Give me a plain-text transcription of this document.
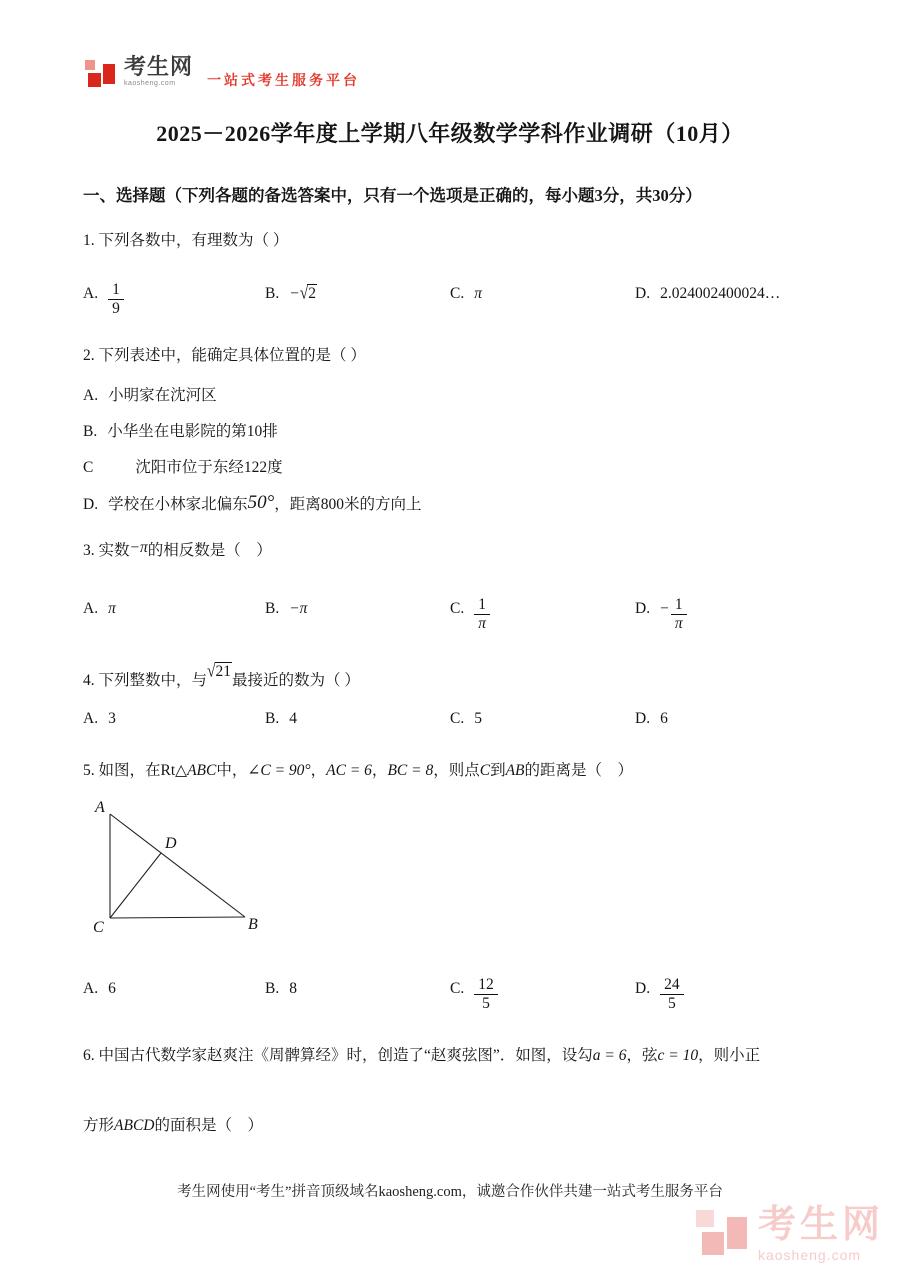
考生网
kaosheng.com	一站式考生服务平台
2025－2026学年度上学期八年级数学学科作业调研（10月）
一、选择题（下列各题的备选答案中，只有一个选项是正确的，每小题3分，共30分）
1. 下列各数中，有理数为（ ）
A. $\frac{1}{9}$	B. −√2	C. π	D. 2.024002400024…
2. 下列表述中，能确定具体位置的是（ ）
A. 小明家在沈河区
B. 小华坐在电影院的第10排
C	沈阳市位于东经122度
D. 学校在小林家北偏东50°，距离800米的方向上
3. 实数−π的相反数是（　）
A. π	B. −π	C. $\frac{1}{\pi}$	D. − $\frac{1}{\pi}$
4. 下列整数中，与√21最接近的数为（ ）
A. 3	B. 4	C. 5	D. 6
5. 如图，在Rt△ABC中，∠C = 90°，AC = 6，BC = 8，则点C到AB的距离是（　）
A
C	B
D
A. 6	B. 8	C. $\frac{12}{5}$	D. $\frac{24}{5}$
6. 中国古代数学家赵爽注《周髀算经》时，创造了“赵爽弦图”．如图，设勾a = 6，弦c = 10，则小正
方形ABCD的面积是（　）
考生网使用“考生”拼音顶级域名kaosheng.com，诚邀合作伙伴共建一站式考生服务平台
考生网
kaosheng.com
